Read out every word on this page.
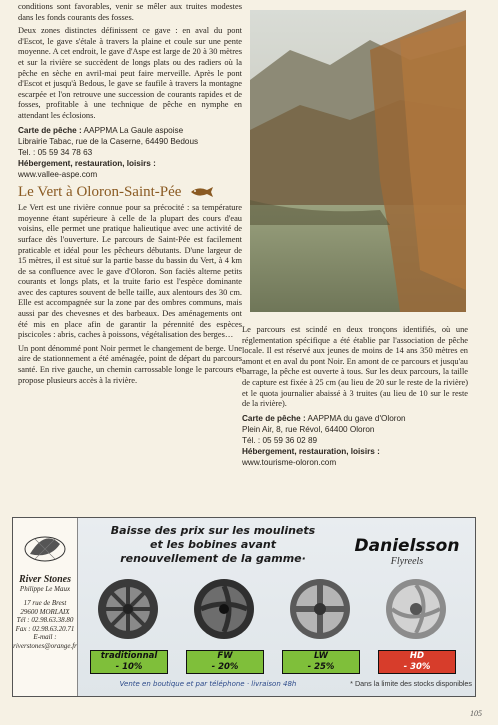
conditions sont favorables, venir se mêler aux truites modestes dans les fonds courants des fosses.

Deux zones distinctes définissent ce gave : en aval du pont d'Escot, le gave s'étale à travers la plaine et coule sur une pente moyenne. A cet endroit, le gave d'Aspe est large de 20 à 30 mètres et sur la rivière se succèdent de longs plats ou des radiers où la pêche en sèche en avril-mai peut faire merveille. Après le pont d'Escot et jusqu'à Bedous, le gave se faufile à travers la montagne escarpée et l'on retrouve une succession de courants rapides et de fosses, profitable à une technique de pêche en nymphe en attendant les éclosions.

Carte de pêche : AAPPMA La Gaule aspoise
Librairie Tabac, rue de la Caserne, 64490 Bedous
Tel. : 05 59 34 78 63
Hébergement, restauration, loisirs :
www.vallee-aspe.com
Le Vert à Oloron-Saint-Pée

Le Vert est une rivière connue pour sa précocité : sa température moyenne étant supérieure à celle de la plupart des cours d'eau voisins, elle permet une pratique halieutique avec une activité de surface dès l'ouverture. Le parcours de Saint-Pée est facilement praticable et idéal pour les pêcheurs débutants. D'une largeur de 15 mètres, il est situé sur la partie basse du bassin du Vert, à 4 km de sa confluence avec le gave d'Oloron. Son faciès alterne petits courants et longs plats, et la truite fario est l'espèce dominante avec des captures souvent de belle taille, aux alentours des 30 cm. Elle est accompagnée sur la zone par des ombres communs, mais aussi par des chevesnes et des barbeaux. Des aménagements ont été mis en place afin de garantir la pérennité des espèces piscicoles : abris, caches à poissons, végétalisation des berges…

Un pont dénommé pont Noir permet le changement de berge. Une aire de stationnement a été aménagée, point de départ du parcours santé. En rive gauche, un chemin carrossable longe le parcours et propose plusieurs accès à la rivière.

Le parcours est scindé en deux tronçons identifiés, où une réglementation spécifique a été établie par l'association de pêche locale. Il est réservé aux jeunes de moins de 14 ans 350 mètres en amont et en aval du pont Noir. En amont de ce parcours et jusqu'au barrage, la pêche est ouverte à tous. Sur les deux parcours, la taille de capture est fixée à 25 cm (au lieu de 20 sur le reste de la rivière) et le quota journalier abaissé à 3 truites (au lieu de 10 sur le reste de la rivière).

Carte de pêche : AAPPMA du gave d'Oloron
Plein Air, 8, rue Révol, 64400 Oloron
Tél. : 05 59 36 02 89
Hébergement, restauration, loisirs :
www.tourisme-oloron.com
River Stones
Philippe Le Maux
17 rue de Brest
29600 MORLAIX
Tél : 02.98.63.38.80
Fax : 02.98.63.20.71
E-mail :
riverstones@orange.fr
Baisse des prix sur les moulinets
et les bobines avant
renouvellement de la gamme·
Danielsson
Flyreels
traditionnal
- 10%
FW
- 20%
LW
- 25%
HD
- 30%
Vente en boutique et par téléphone · livraison 48h	* Dans la limite des stocks disponibles
105
